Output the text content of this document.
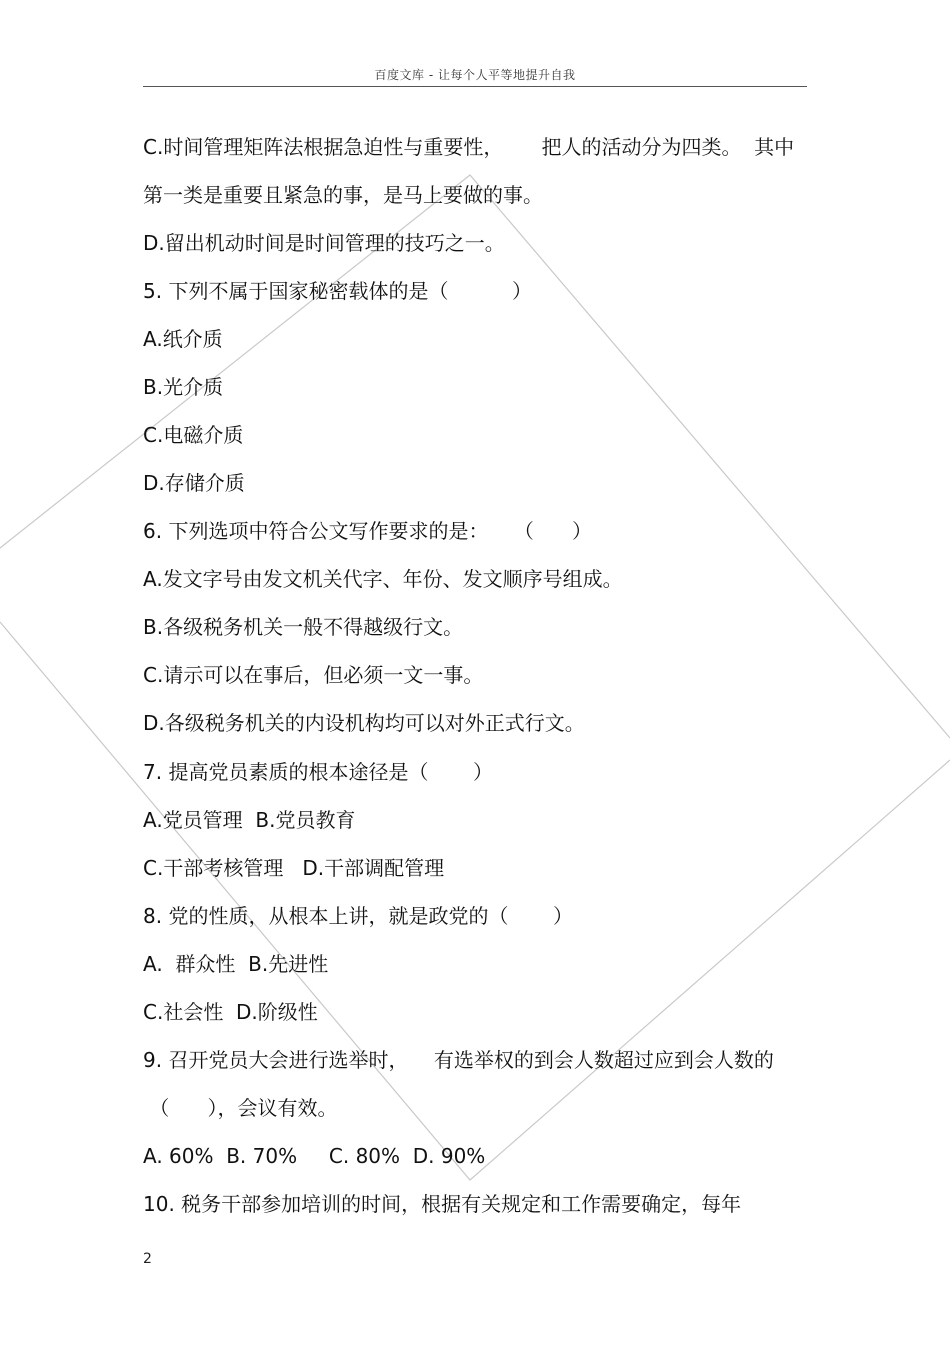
百度文库 - 让每个人平等地提升自我
C.时间管理矩阵法根据急迫性与重要性，      把人的活动分为四类。  其中
第一类是重要且紧急的事，是马上要做的事。
D.留出机动时间是时间管理的技巧之一。
5. 下列不属于国家秘密载体的是（          ）
A.纸介质
B.光介质
C.电磁介质
D.存储介质
6. 下列选项中符合公文写作要求的是：    （      ）
A.发文字号由发文机关代字、年份、发文顺序号组成。
B.各级税务机关一般不得越级行文。
C.请示可以在事后，但必须一文一事。
D.各级税务机关的内设机构均可以对外正式行文。
7. 提高党员素质的根本途径是（       ）
A.党员管理  B.党员教育
C.干部考核管理   D.干部调配管理
8. 党的性质，从根本上讲，就是政党的（       ）
A.  群众性  B.先进性
C.社会性  D.阶级性
9. 召开党员大会进行选举时，    有选举权的到会人数超过应到会人数的
（      ），会议有效。
A. 60%  B. 70%     C. 80%  D. 90%
10. 税务干部参加培训的时间，根据有关规定和工作需要确定，每年
2
